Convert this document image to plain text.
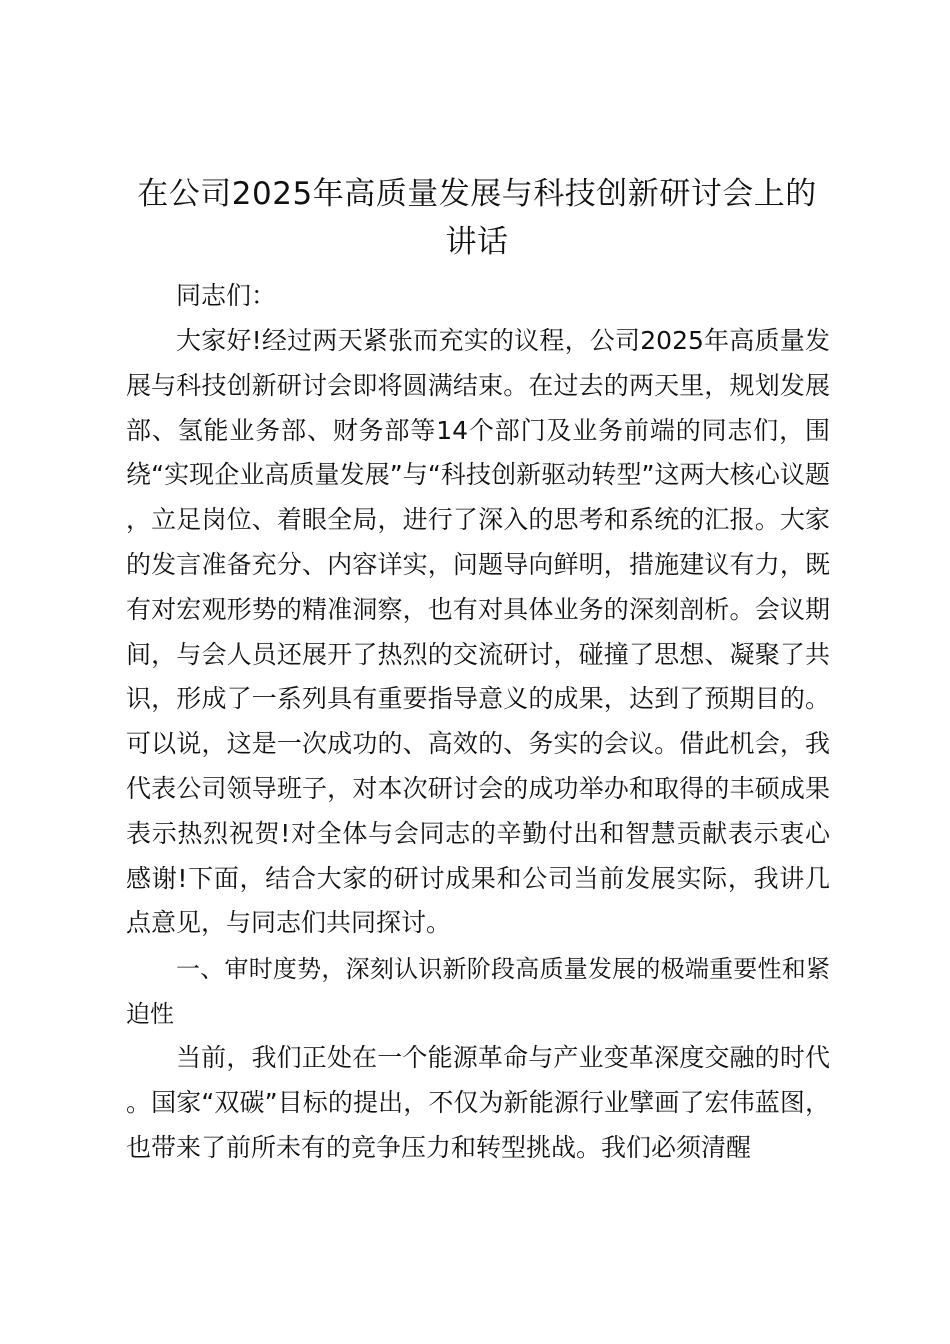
在公司2025年高质量发展与科技创新研讨会上的讲话

同志们：

大家好!经过两天紧张而充实的议程，公司2025年高质量发展与科技创新研讨会即将圆满结束。在过去的两天里，规划发展部、氢能业务部、财务部等14个部门及业务前端的同志们，围绕“实现企业高质量发展”与“科技创新驱动转型”这两大核心议题，立足岗位、着眼全局，进行了深入的思考和系统的汇报。大家的发言准备充分、内容详实，问题导向鲜明，措施建议有力，既有对宏观形势的精准洞察，也有对具体业务的深刻剖析。会议期间，与会人员还展开了热烈的交流研讨，碰撞了思想、凝聚了共识，形成了一系列具有重要指导意义的成果，达到了预期目的。可以说，这是一次成功的、高效的、务实的会议。借此机会，我代表公司领导班子，对本次研讨会的成功举办和取得的丰硕成果表示热烈祝贺!对全体与会同志的辛勤付出和智慧贡献表示衷心感谢!下面，结合大家的研讨成果和公司当前发展实际，我讲几点意见，与同志们共同探讨。

一、审时度势，深刻认识新阶段高质量发展的极端重要性和紧迫性

当前，我们正处在一个能源革命与产业变革深度交融的时代。国家“双碳”目标的提出，不仅为新能源行业擘画了宏伟蓝图，也带来了前所未有的竞争压力和转型挑战。我们必须清醒
